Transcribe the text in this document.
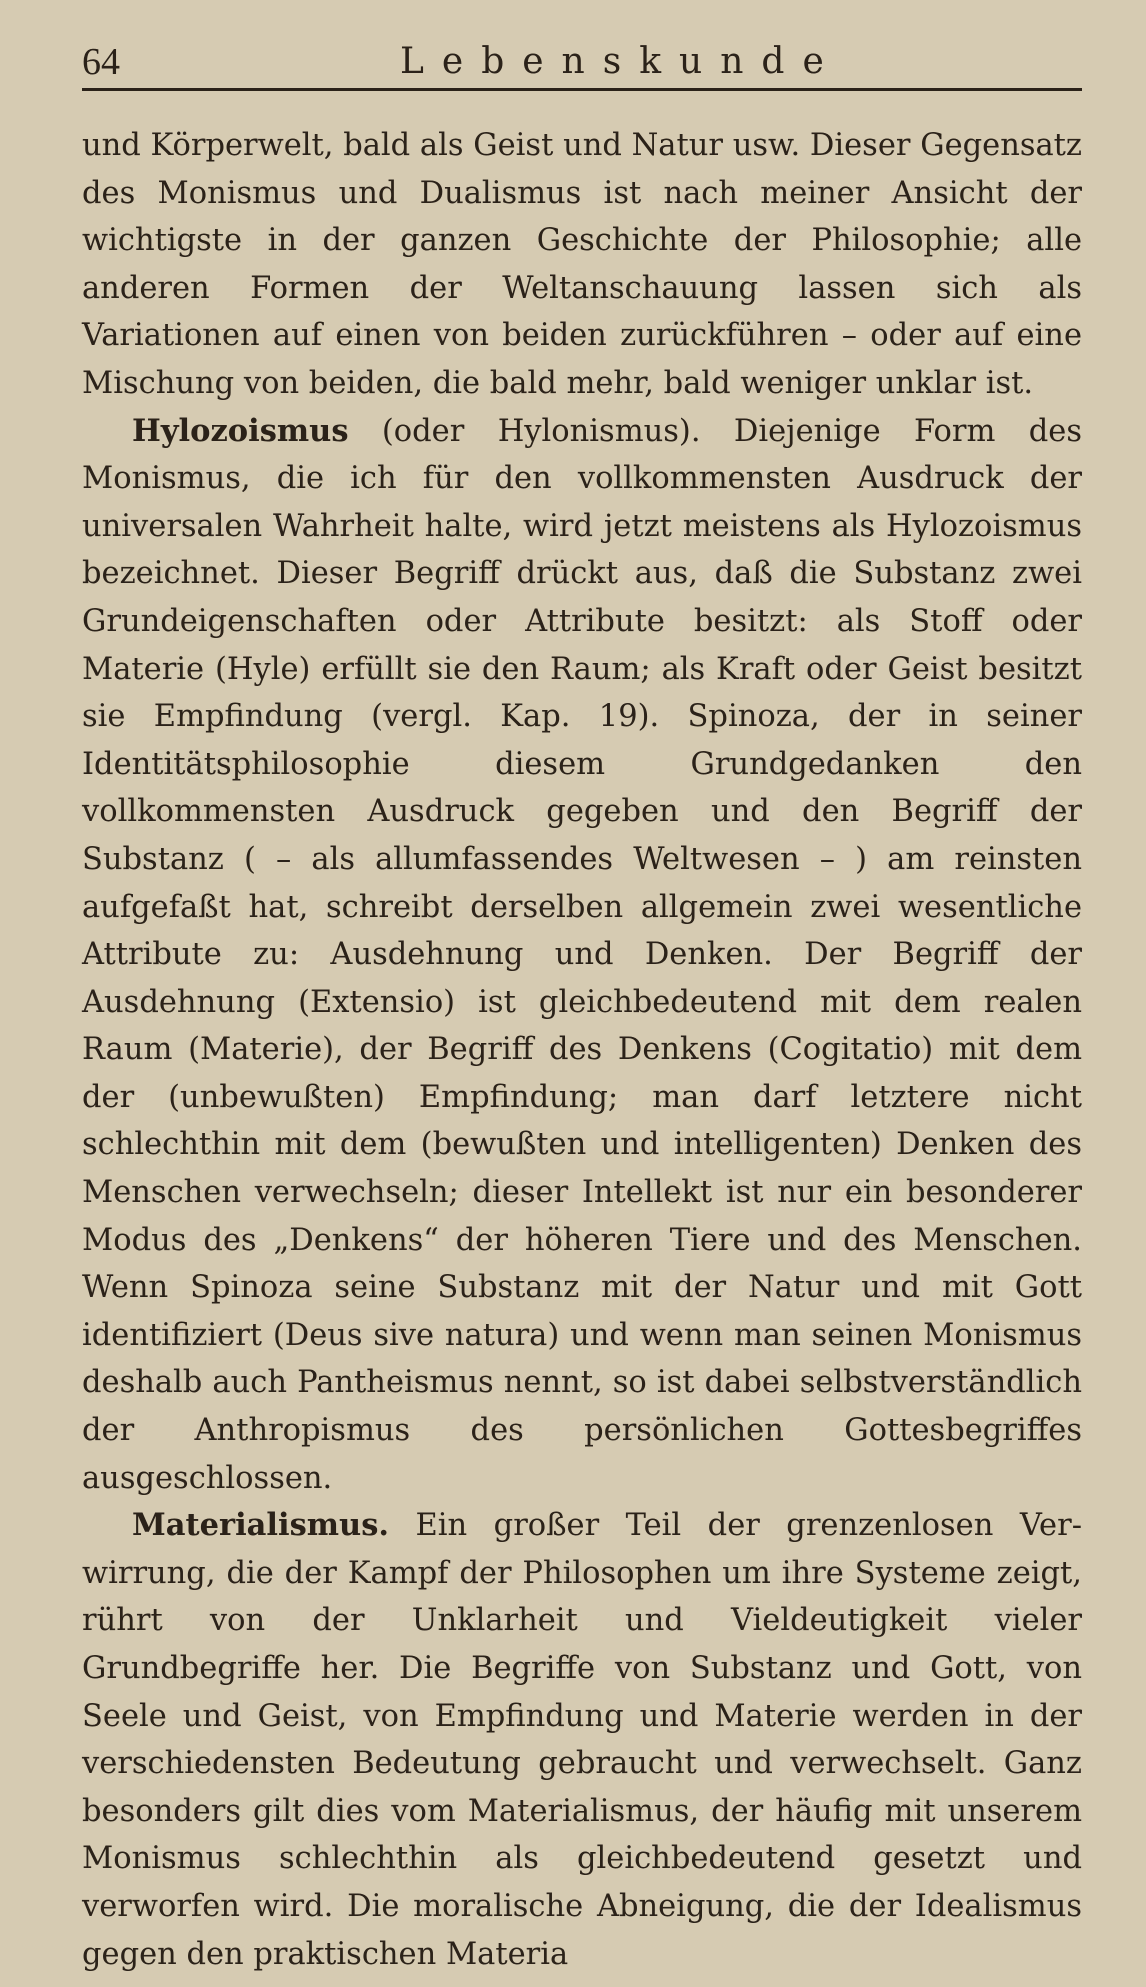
64	Lebenskunde

und Körperwelt, bald als Geist und Natur usw. Dieser Gegensatz des Monismus und Dualismus ist nach meiner Ansicht der wichtigste in der ganzen Geschichte der Philosophie; alle anderen Formen der Weltanschauung lassen sich als Variationen auf einen von beiden zurückführen – oder auf eine Mischung von beiden, die bald mehr, bald weniger unklar ist.

Hylozoismus (oder Hylonismus). Diejenige Form des Monismus, die ich für den vollkommensten Ausdruck der universalen Wahrheit halte, wird jetzt meistens als Hylozoismus bezeichnet. Dieser Begriff drückt aus, daß die Substanz zwei Grundeigenschaften oder Attribute besitzt: als Stoff oder Materie (Hyle) erfüllt sie den Raum; als Kraft oder Geist besitzt sie Empfindung (vergl. Kap. 19). Spinoza, der in seiner Identitätsphilosophie diesem Grundgedanken den vollkommensten Ausdruck gegeben und den Begriff der Substanz ( – als allumfassendes Weltwesen – ) am reinsten aufgefaßt hat, schreibt derselben allgemein zwei wesentliche Attribute zu: Ausdehnung und Denken. Der Begriff der Ausdehnung (Extensio) ist gleichbedeutend mit dem realen Raum (Materie), der Begriff des Denkens (Cogitatio) mit dem der (unbewußten) Empfindung; man darf letztere nicht schlechthin mit dem (bewußten und intelligenten) Denken des Menschen verwechseln; dieser Intellekt ist nur ein besonderer Modus des „Denkens“ der höheren Tiere und des Menschen. Wenn Spinoza seine Substanz mit der Natur und mit Gott identifiziert (Deus sive natura) und wenn man seinen Monismus deshalb auch Pantheismus nennt, so ist dabei selbstverständlich der Anthropismus des persönlichen Gottesbegriffes ausgeschlossen.

Materialismus. Ein großer Teil der grenzenlosen Verwirrung, die der Kampf der Philosophen um ihre Systeme zeigt, rührt von der Unklarheit und Vieldeutigkeit vieler Grundbegriffe her. Die Begriffe von Substanz und Gott, von Seele und Geist, von Empfindung und Materie werden in der verschiedensten Bedeutung gebraucht und verwechselt. Ganz besonders gilt dies vom Materialismus, der häufig mit unserem Monismus schlechthin als gleichbedeutend gesetzt und verworfen wird. Die moralische Abneigung, die der Idealismus gegen den praktischen Materia
